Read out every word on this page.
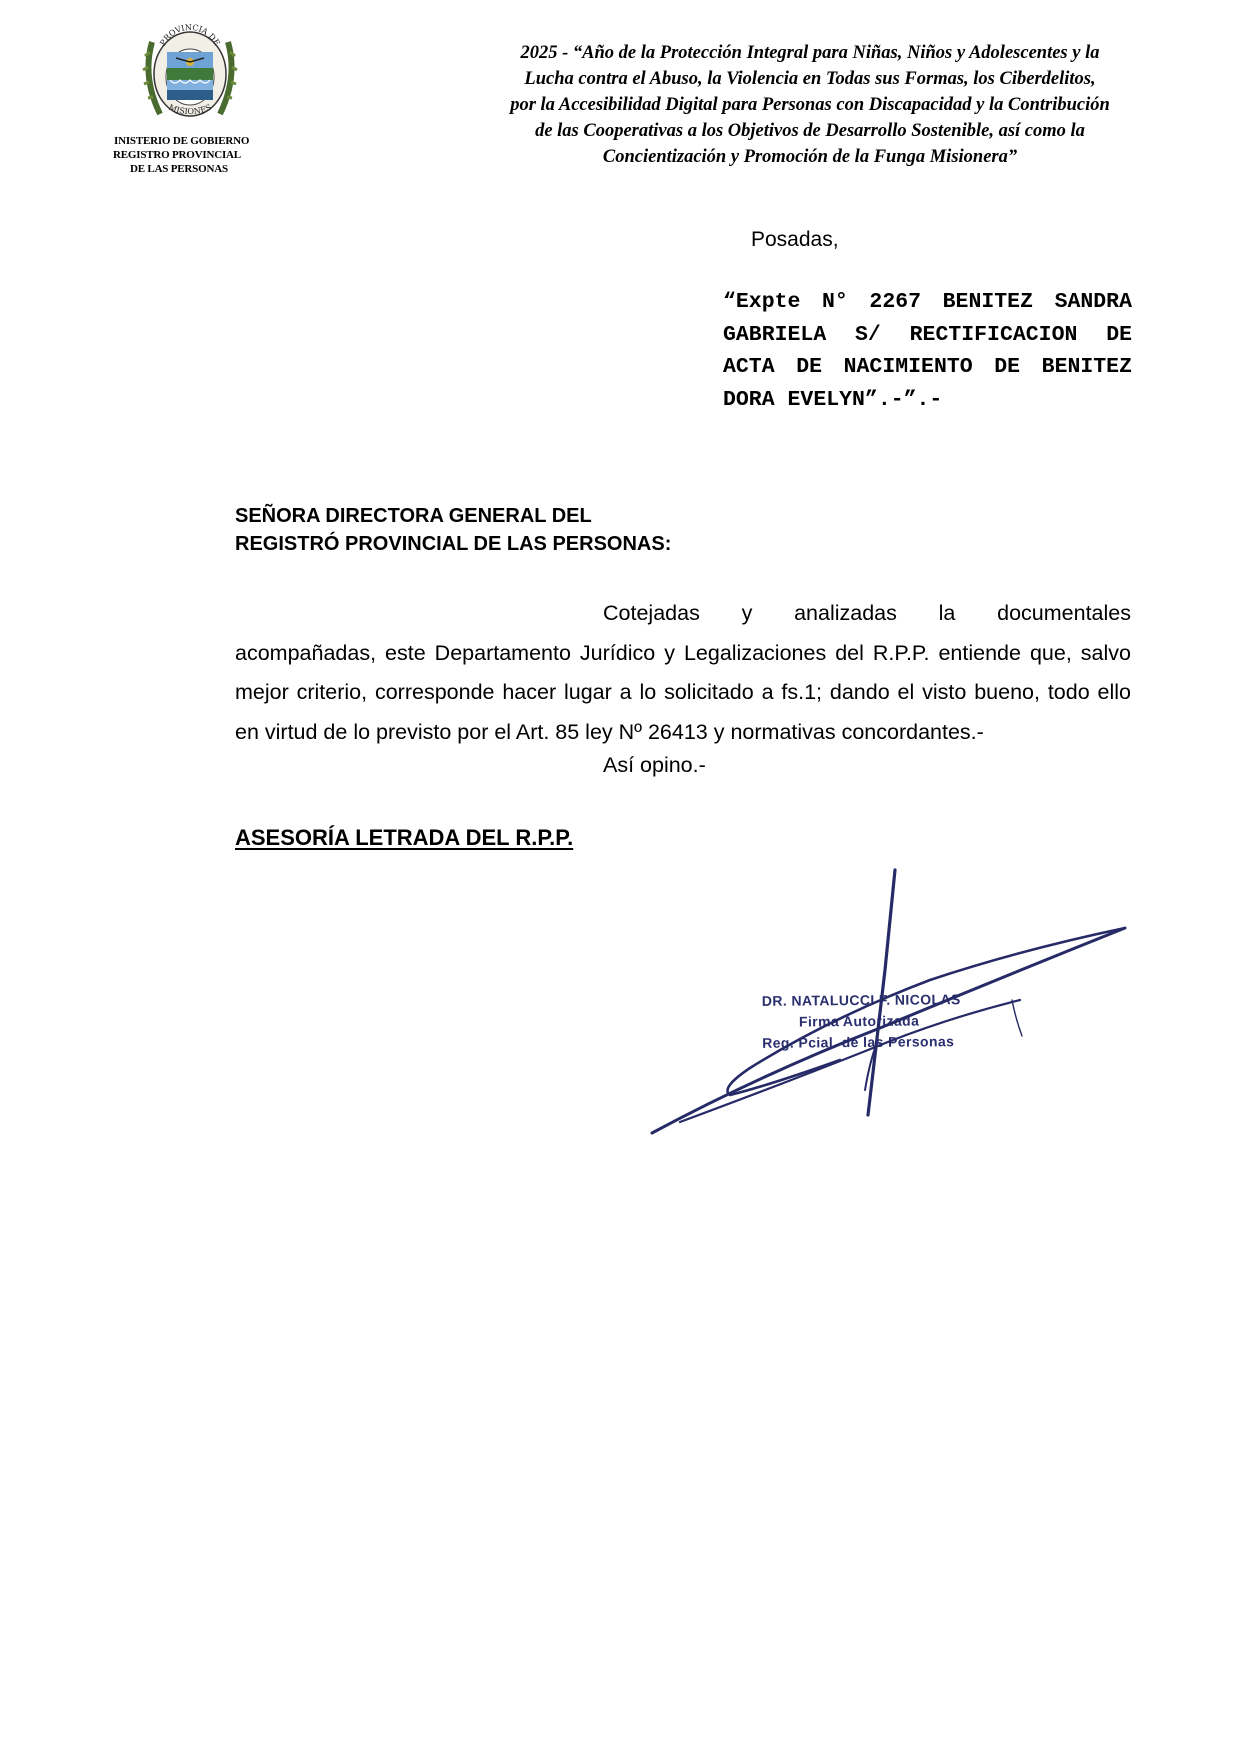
PROVINCIA DE
MISIONES
INISTERIO DE GOBIERNO
REGISTRO PROVINCIAL
DE LAS PERSONAS
2025 - “Año de la Protección Integral para Niñas, Niños y Adolescentes y la
Lucha contra el Abuso, la Violencia en Todas sus Formas, los Ciberdelitos,
por la Accesibilidad Digital para Personas con Discapacidad y la Contribución
de las Cooperativas a los Objetivos de Desarrollo Sostenible, así como la
Concientización y Promoción de la Funga Misionera”
Posadas,
“Expte N° 2267 BENITEZ SANDRA GABRIELA S/ RECTIFICACION DE ACTA DE NACIMIENTO DE BENITEZ DORA EVELYN”.-”.-
SEÑORA DIRECTORA GENERAL DEL
REGISTRÓ PROVINCIAL DE LAS PERSONAS:
Cotejadas y analizadas la documentales acompañadas, este Departamento Jurídico y Legalizaciones del R.P.P. entiende que, salvo mejor criterio, corresponde hacer lugar a lo solicitado a fs.1; dando el visto bueno, todo ello en virtud de lo previsto por el Art. 85 ley Nº 26413 y normativas concordantes.-
Así opino.-
ASESORÍA LETRADA DEL R.P.P.
DR. NATALUCCI F. NICOLAS
Firma Autorizada
Reg. Pcial. de las Personas
